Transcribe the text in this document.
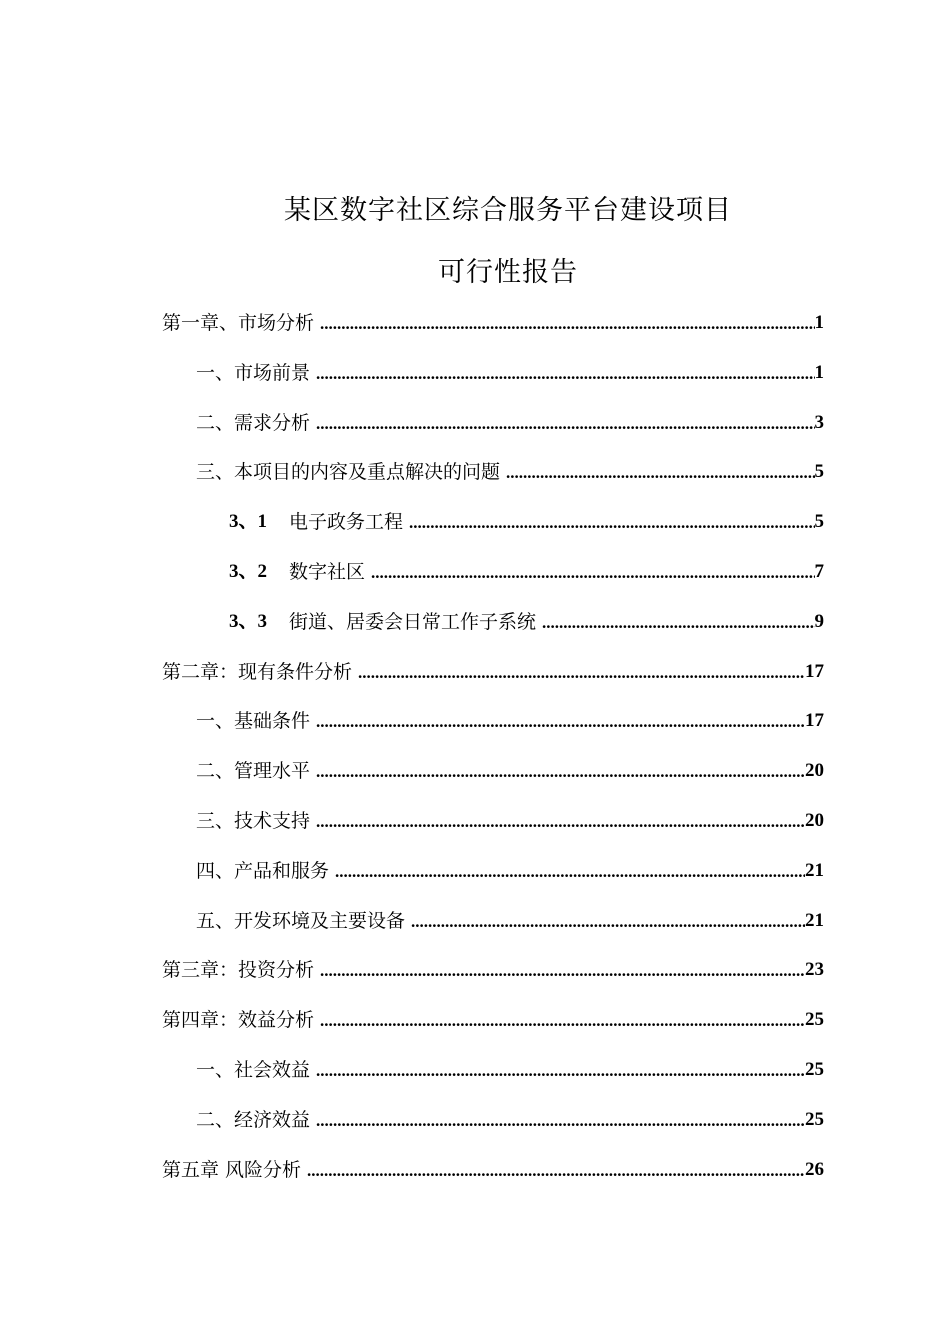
某区数字社区综合服务平台建设项目
可行性报告
第一章、市场分析 .....	1
一、市场前景 .....	1
二、需求分析 .....	3
三、本项目的内容及重点解决的问题 .....	5
3、1 电子政务工程 .....	5
3、2 数字社区 .....	7
3、3 街道、居委会日常工作子系统 .....	9
第二章：现有条件分析 .....	17
一、基础条件 .....	17
二、管理水平 .....	20
三、技术支持 .....	20
四、产品和服务 .....	21
五、开发环境及主要设备 .....	21
第三章：投资分析 .....	23
第四章：效益分析 .....	25
一、社会效益 .....	25
二、经济效益 .....	25
第五章 风险分析 .....	26
